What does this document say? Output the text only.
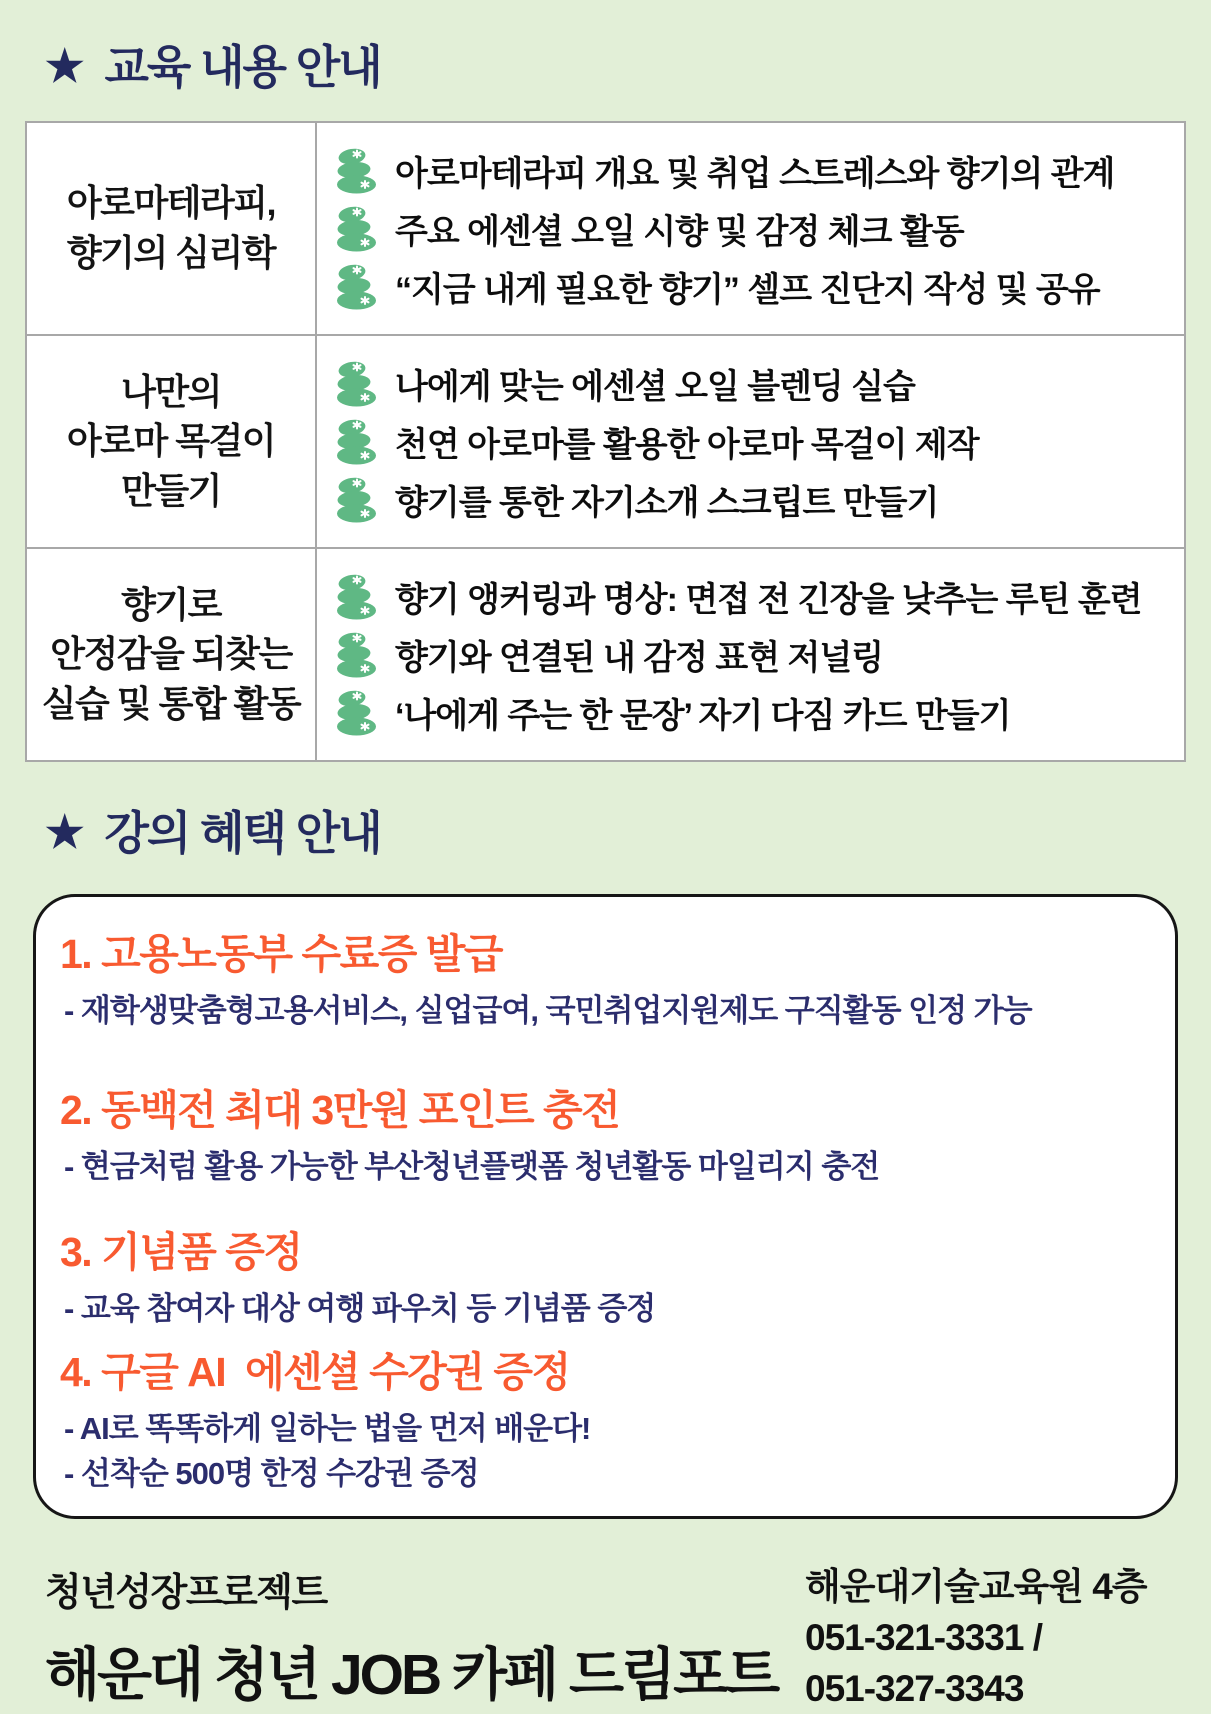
★ 교육 내용 안내
아로마테라피,
향기의 심리학	
아로마테라피 개요 및 취업 스트레스와 향기의 관계
주요 에센셜 오일 시향 및 감정 체크 활동
“지금 내게 필요한 향기” 셀프 진단지 작성 및 공유

나만의
아로마 목걸이
만들기	
나에게 맞는 에센셜 오일 블렌딩 실습
천연 아로마를 활용한 아로마 목걸이 제작
향기를 통한 자기소개 스크립트 만들기

향기로
안정감을 되찾는
실습 및 통합 활동	
향기 앵커링과 명상: 면접 전 긴장을 낮추는 루틴 훈련
향기와 연결된 내 감정 표현 저널링
‘나에게 주는 한 문장’ 자기 다짐 카드 만들기
★ 강의 혜택 안내
1. 고용노동부 수료증 발급
- 재학생맞춤형고용서비스, 실업급여, 국민취업지원제도 구직활동 인정 가능
2. 동백전 최대 3만원 포인트 충전
- 현금처럼 활용 가능한 부산청년플랫폼 청년활동 마일리지 충전
3. 기념품 증정
- 교육 참여자 대상 여행 파우치 등 기념품 증정
4. 구글 AI  에센셜 수강권 증정
- AI로 똑똑하게 일하는 법을 먼저 배운다!
- 선착순 500명 한정 수강권 증정
청년성장프로젝트
해운대 청년 JOB 카페 드림포트
해운대기술교육원 4층
051-321-3331 /
051-327-3343
